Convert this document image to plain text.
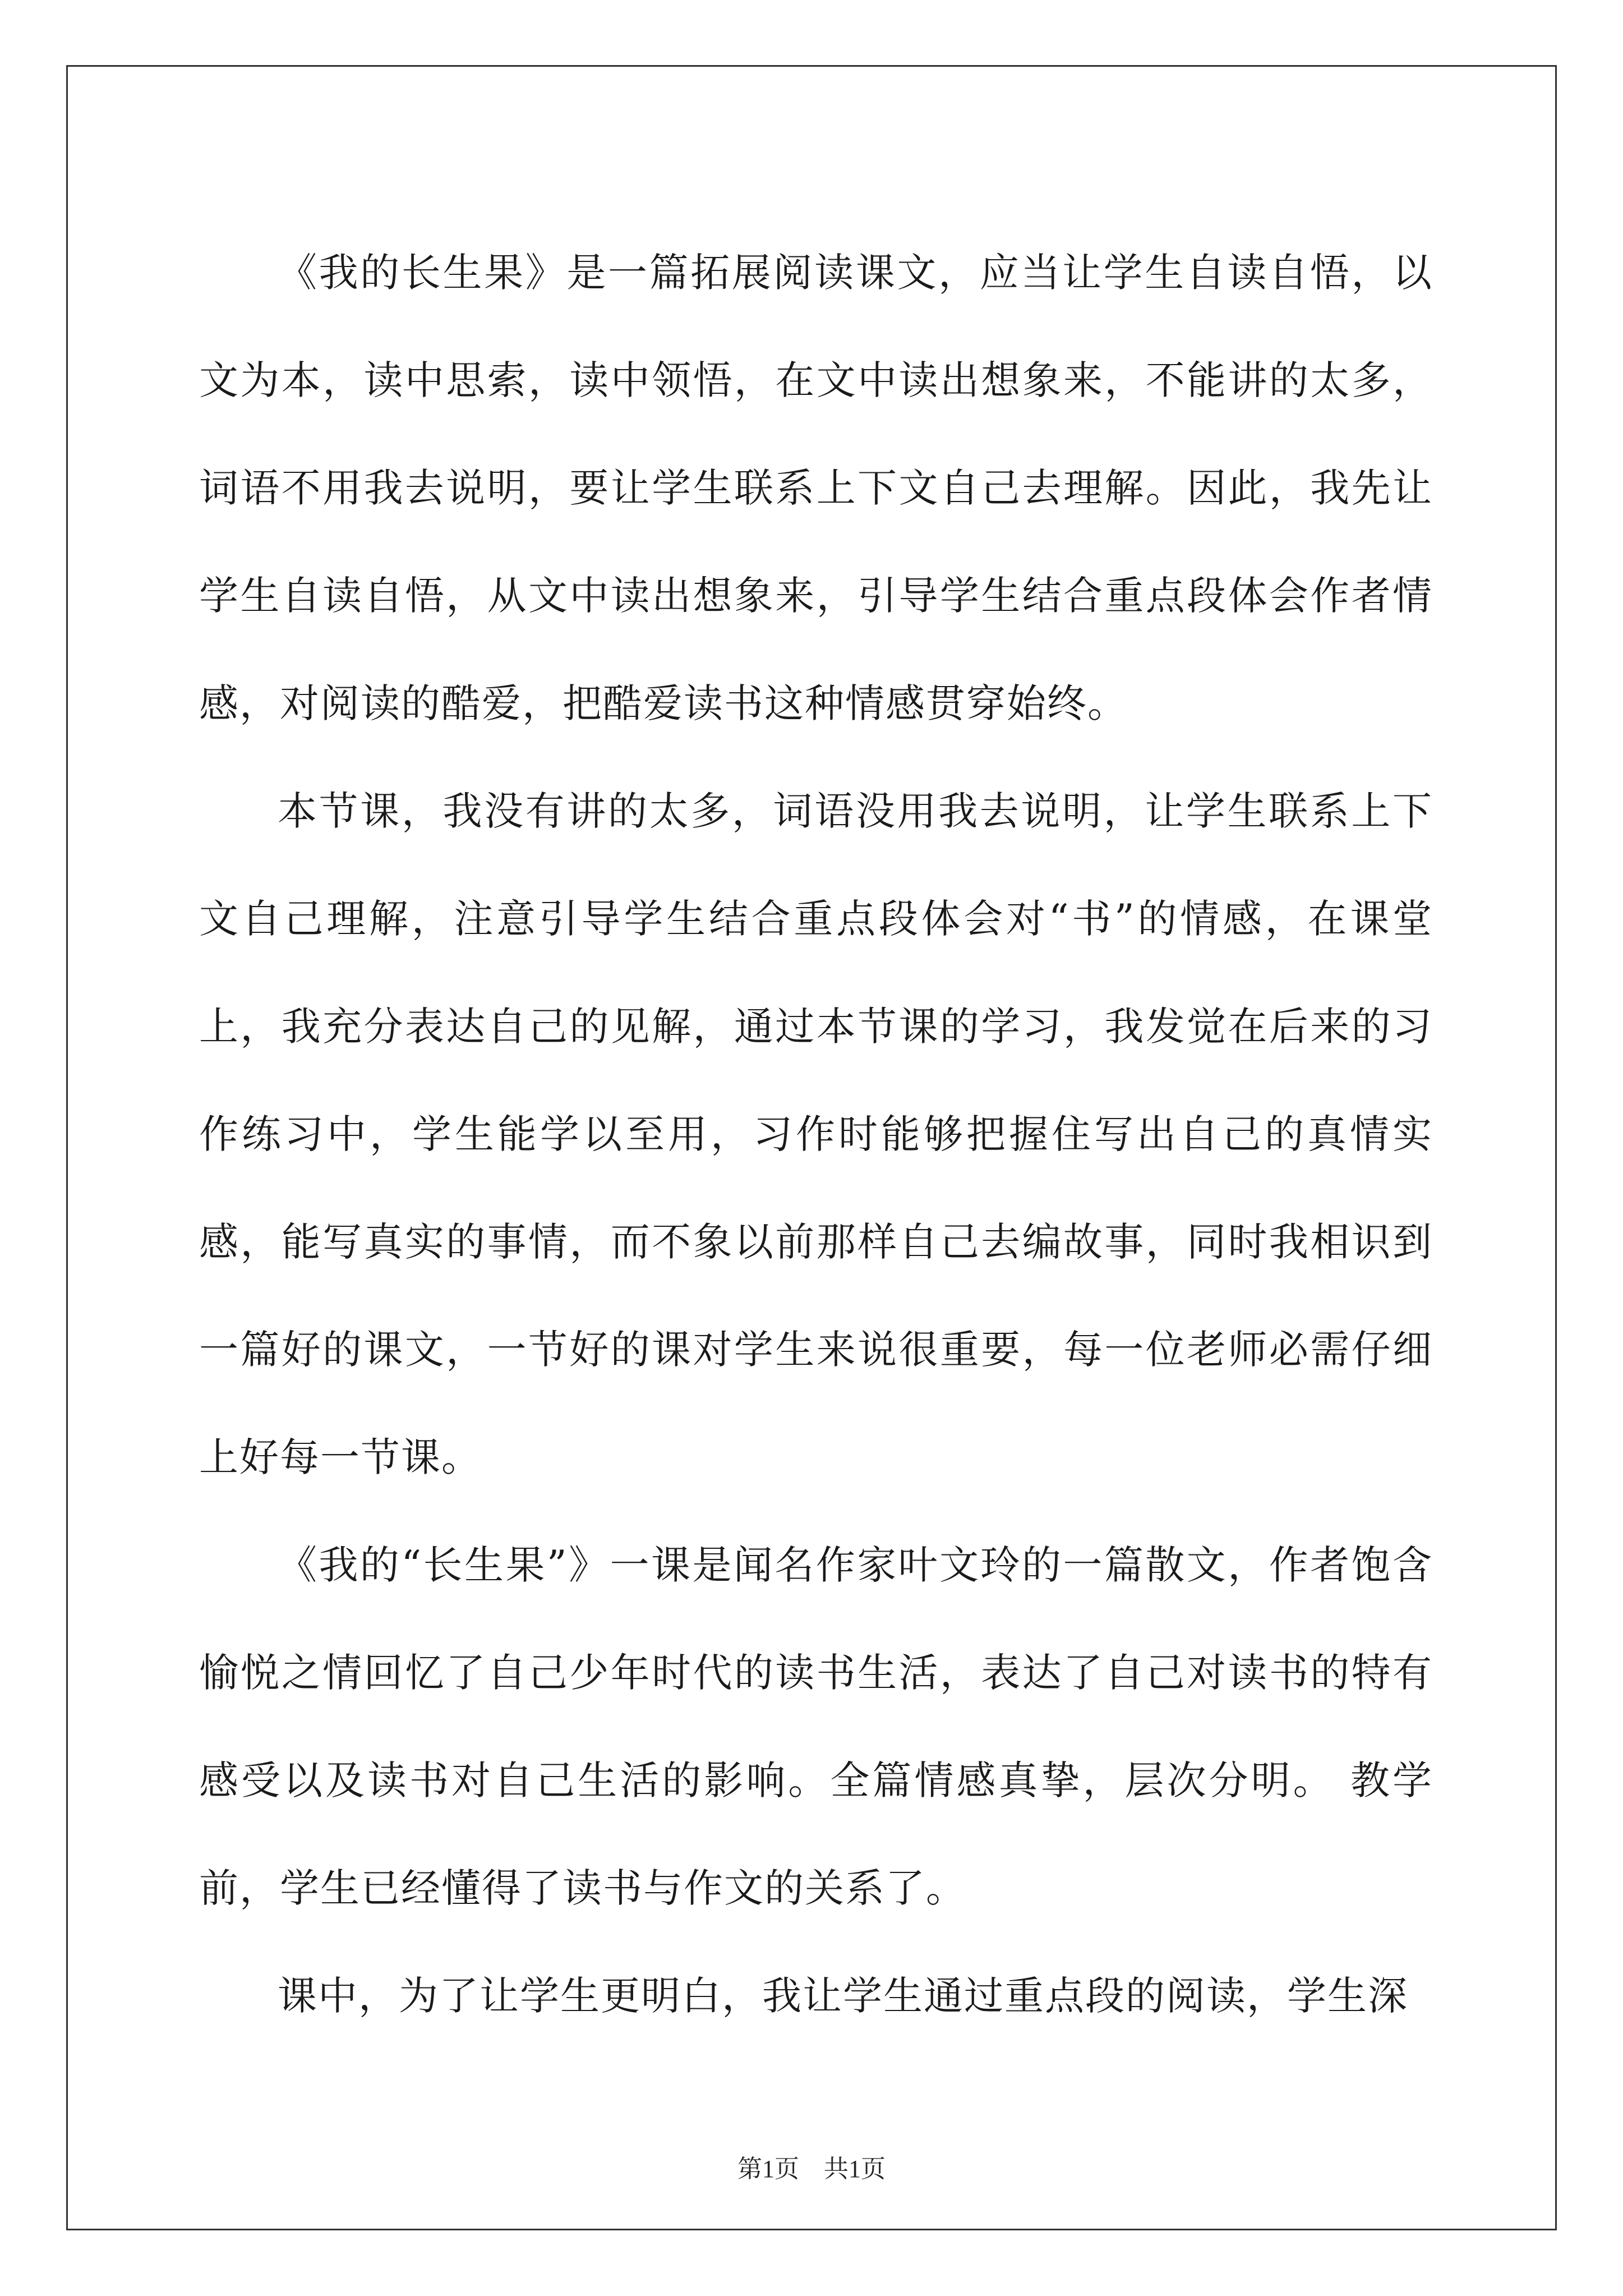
《我的长生果》是一篇拓展阅读课文，应当让学生自读自悟，以文为本，读中思索，读中领悟，在文中读出想象来，不能讲的太多，词语不用我去说明，要让学生联系上下文自己去理解。因此，我先让学生自读自悟，从文中读出想象来，引导学生结合重点段体会作者情感，对阅读的酷爱，把酷爱读书这种情感贯穿始终。

本节课，我没有讲的太多，词语没用我去说明，让学生联系上下文自己理解，注意引导学生结合重点段体会对“书”的情感，在课堂上，我充分表达自己的见解，通过本节课的学习，我发觉在后来的习作练习中，学生能学以至用，习作时能够把握住写出自己的真情实感，能写真实的事情，而不象以前那样自己去编故事，同时我相识到一篇好的课文，一节好的课对学生来说很重要，每一位老师必需仔细上好每一节课。

《我的“长生果”》一课是闻名作家叶文玲的一篇散文，作者饱含愉悦之情回忆了自己少年时代的读书生活，表达了自己对读书的特有感受以及读书对自己生活的影响。全篇情感真挚，层次分明。 教学前，学生已经懂得了读书与作文的关系了。

课中，为了让学生更明白，我让学生通过重点段的阅读，学生深

第1页　共1页
